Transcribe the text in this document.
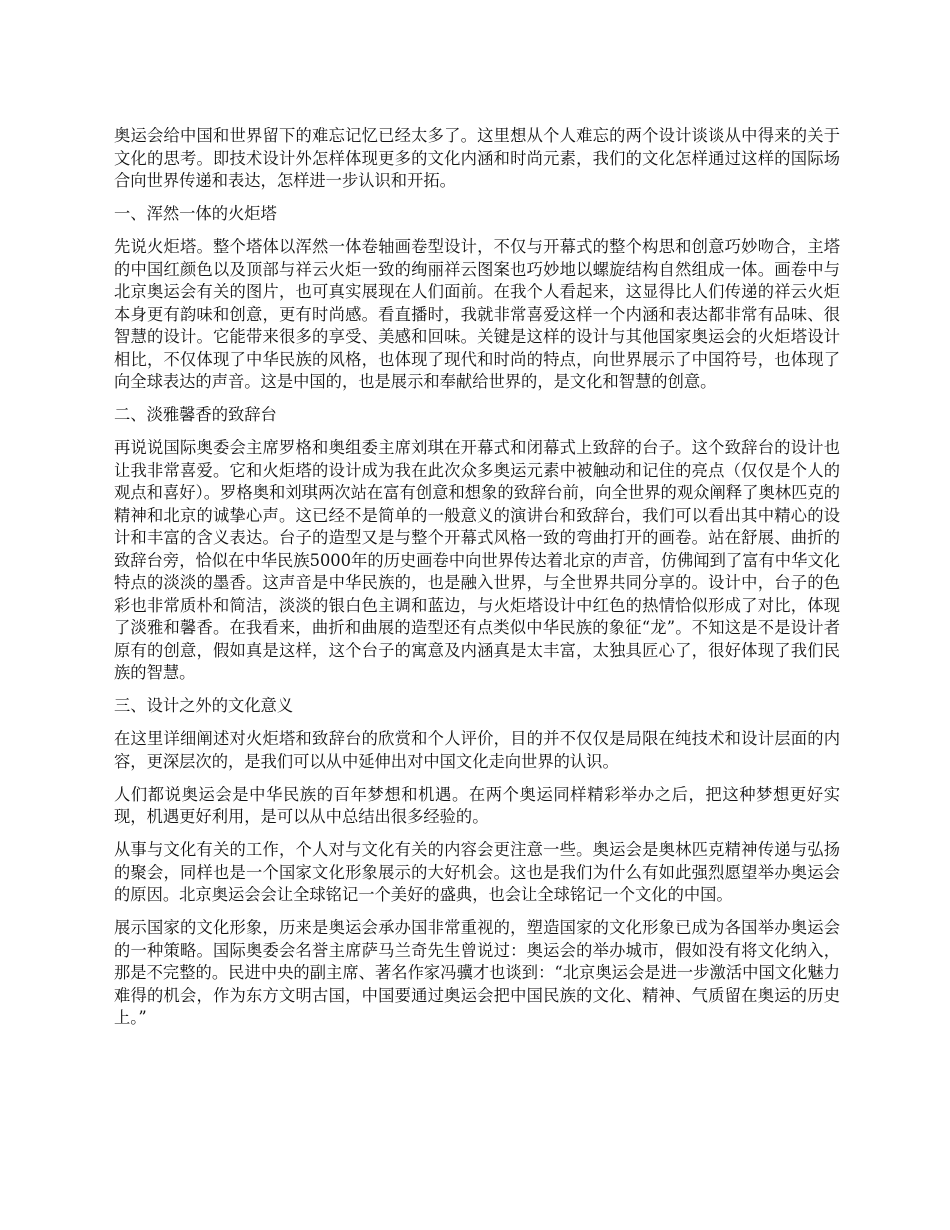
奥运会给中国和世界留下的难忘记忆已经太多了。这里想从个人难忘的两个设计谈谈从中得来的关于文化的思考。即技术设计外怎样体现更多的文化内涵和时尚元素，我们的文化怎样通过这样的国际场合向世界传递和表达，怎样进一步认识和开拓。

一、浑然一体的火炬塔

先说火炬塔。整个塔体以浑然一体卷轴画卷型设计，不仅与开幕式的整个构思和创意巧妙吻合，主塔的中国红颜色以及顶部与祥云火炬一致的绚丽祥云图案也巧妙地以螺旋结构自然组成一体。画卷中与北京奥运会有关的图片，也可真实展现在人们面前。在我个人看起来，这显得比人们传递的祥云火炬本身更有韵味和创意，更有时尚感。看直播时，我就非常喜爱这样一个内涵和表达都非常有品味、很智慧的设计。它能带来很多的享受、美感和回味。关键是这样的设计与其他国家奥运会的火炬塔设计相比，不仅体现了中华民族的风格，也体现了现代和时尚的特点，向世界展示了中国符号，也体现了向全球表达的声音。这是中国的，也是展示和奉献给世界的，是文化和智慧的创意。

二、淡雅馨香的致辞台

再说说国际奥委会主席罗格和奥组委主席刘琪在开幕式和闭幕式上致辞的台子。这个致辞台的设计也让我非常喜爱。它和火炬塔的设计成为我在此次众多奥运元素中被触动和记住的亮点（仅仅是个人的观点和喜好）。罗格奥和刘琪两次站在富有创意和想象的致辞台前，向全世界的观众阐释了奥林匹克的精神和北京的诚挚心声。这已经不是简单的一般意义的演讲台和致辞台，我们可以看出其中精心的设计和丰富的含义表达。台子的造型又是与整个开幕式风格一致的弯曲打开的画卷。站在舒展、曲折的致辞台旁，恰似在中华民族5000年的历史画卷中向世界传达着北京的声音，仿佛闻到了富有中华文化特点的淡淡的墨香。这声音是中华民族的，也是融入世界，与全世界共同分享的。设计中，台子的色彩也非常质朴和简洁，淡淡的银白色主调和蓝边，与火炬塔设计中红色的热情恰似形成了对比，体现了淡雅和馨香。在我看来，曲折和曲展的造型还有点类似中华民族的象征“龙”。不知这是不是设计者原有的创意，假如真是这样，这个台子的寓意及内涵真是太丰富，太独具匠心了，很好体现了我们民族的智慧。

三、设计之外的文化意义

在这里详细阐述对火炬塔和致辞台的欣赏和个人评价，目的并不仅仅是局限在纯技术和设计层面的内容，更深层次的，是我们可以从中延伸出对中国文化走向世界的认识。

人们都说奥运会是中华民族的百年梦想和机遇。在两个奥运同样精彩举办之后，把这种梦想更好实现，机遇更好利用，是可以从中总结出很多经验的。

从事与文化有关的工作，个人对与文化有关的内容会更注意一些。奥运会是奥林匹克精神传递与弘扬的聚会，同样也是一个国家文化形象展示的大好机会。这也是我们为什么有如此强烈愿望举办奥运会的原因。北京奥运会会让全球铭记一个美好的盛典，也会让全球铭记一个文化的中国。

展示国家的文化形象，历来是奥运会承办国非常重视的，塑造国家的文化形象已成为各国举办奥运会的一种策略。国际奥委会名誉主席萨马兰奇先生曾说过：奥运会的举办城市，假如没有将文化纳入，那是不完整的。民进中央的副主席、著名作家冯骥才也谈到：“北京奥运会是进一步激活中国文化魅力难得的机会，作为东方文明古国，中国要通过奥运会把中国民族的文化、精神、气质留在奥运的历史上。”
